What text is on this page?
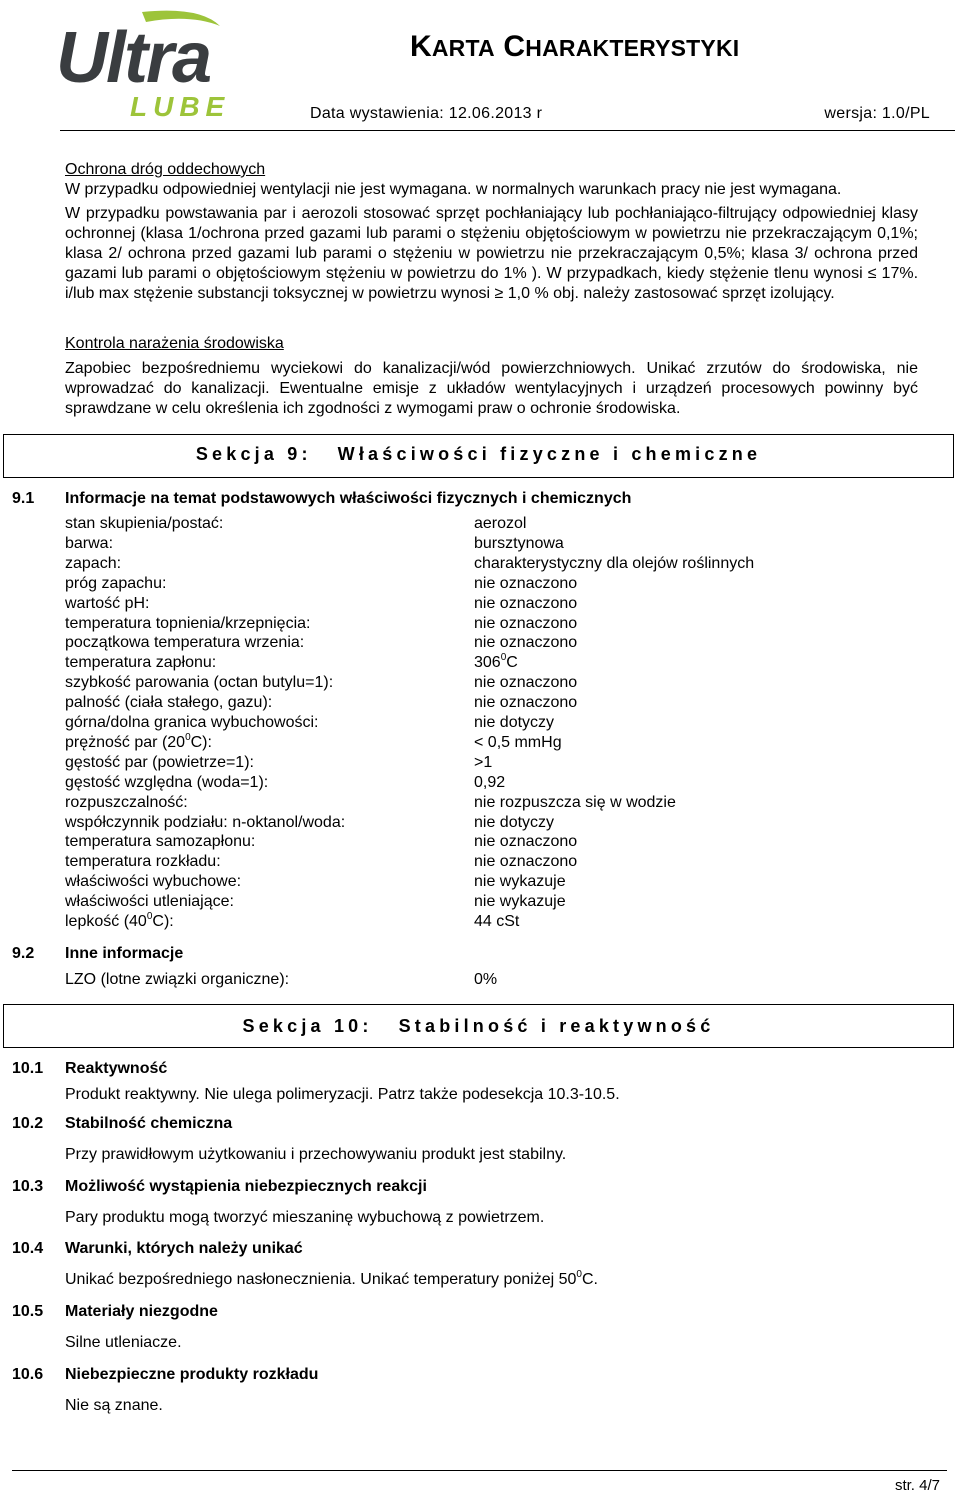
Ultra
LUBE
KARTA CHARAKTERYSTYKI
Data wystawienia: 12.06.2013 r	wersja: 1.0/PL
Ochrona dróg oddechowych
W przypadku odpowiedniej wentylacji nie jest wymagana. w normalnych warunkach pracy nie jest wymagana.
W przypadku powstawania par i aerozoli stosować sprzęt pochłaniający lub pochłaniająco-filtrujący odpowiedniej klasy ochronnej (klasa 1/ochrona przed gazami lub parami o stężeniu objętościowym w powietrzu nie przekraczającym 0,1%; klasa 2/ ochrona przed gazami lub parami o stężeniu w powietrzu nie przekraczającym 0,5%; klasa 3/ ochrona przed gazami lub parami o objętościowym stężeniu w powietrzu do 1% ). W przypadkach, kiedy stężenie tlenu wynosi ≤ 17%. i/lub max stężenie substancji toksycznej w powietrzu wynosi ≥ 1,0 % obj. należy zastosować sprzęt izolujący.
Kontrola narażenia środowiska
Zapobiec bezpośredniemu wyciekowi do kanalizacji/wód powierzchniowych. Unikać zrzutów do środowiska, nie wprowadzać do kanalizacji. Ewentualne emisje z układów wentylacyjnych i urządzeń procesowych powinny być sprawdzane w celu określenia ich zgodności z wymogami praw o ochronie środowiska.
Sekcja 9: Właściwości fizyczne i chemiczne
9.1 Informacje na temat podstawowych właściwości fizycznych i chemicznych
stan skupienia/postać:	aerozol
barwa:	bursztynowa
zapach:	charakterystyczny dla olejów roślinnych
próg zapachu:	nie oznaczono
wartość pH:	nie oznaczono
temperatura topnienia/krzepnięcia:	nie oznaczono
początkowa temperatura wrzenia:	nie oznaczono
temperatura zapłonu:	$306^0C$
szybkość parowania (octan butylu=1):	nie oznaczono
palność (ciała stałego, gazu):	nie oznaczono
górna/dolna granica wybuchowości:	nie dotyczy
prężność par $(20^0C)$:	< 0,5 mmHg
gęstość par (powietrze=1):	>1
gęstość względna (woda=1):	0,92
rozpuszczalność:	nie rozpuszcza się w wodzie
współczynnik podziału: n-oktanol/woda:	nie dotyczy
temperatura samozapłonu:	nie oznaczono
temperatura rozkładu:	nie oznaczono
właściwości wybuchowe:	nie wykazuje
właściwości utleniające:	nie wykazuje
lepkość $(40^0C)$:	44 cSt
9.2 Inne informacje
LZO (lotne związki organiczne):	0%
Sekcja 10: Stabilność i reaktywność
10.1 Reaktywność
Produkt reaktywny. Nie ulega polimeryzacji. Patrz także podesekcja 10.3-10.5.
10.2 Stabilność chemiczna
Przy prawidłowym użytkowaniu i przechowywaniu produkt jest stabilny.
10.3 Możliwość wystąpienia niebezpiecznych reakcji
Pary produktu mogą tworzyć mieszaninę wybuchową z powietrzem.
10.4 Warunki, których należy unikać
Unikać bezpośredniego nasłonecznienia. Unikać temperatury poniżej $50^0C$.
10.5 Materiały niezgodne
Silne utleniacze.
10.6 Niebezpieczne produkty rozkładu
Nie są znane.
str. 4/7
